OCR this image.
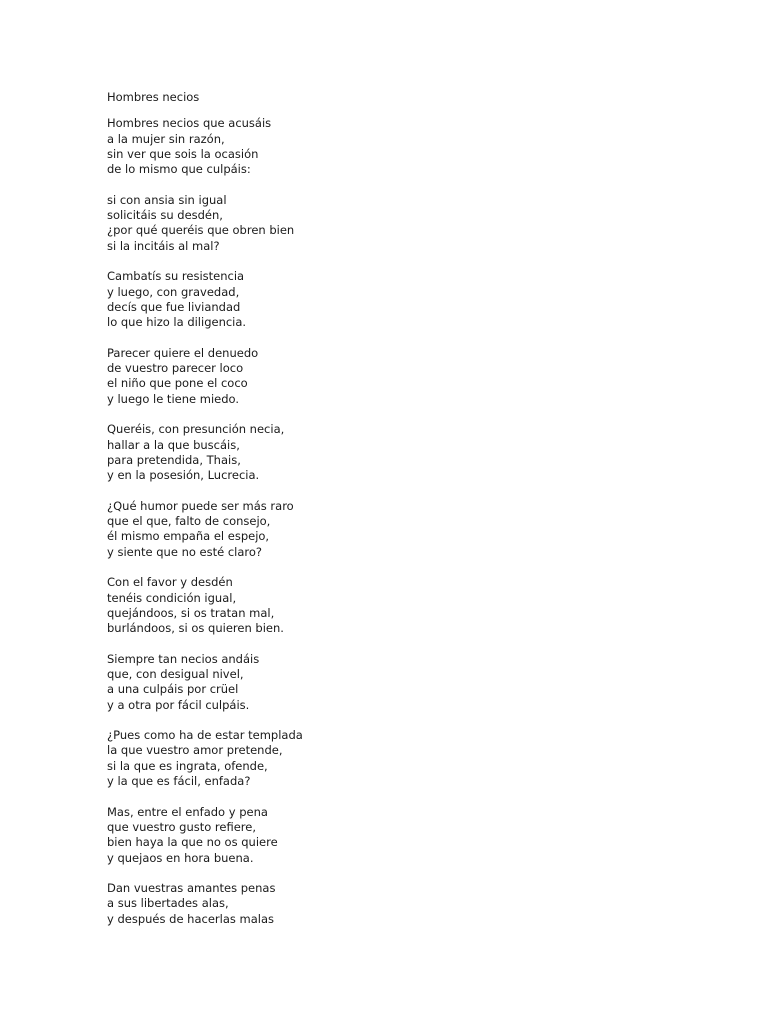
Hombres necios
Hombres necios que acusáis
a la mujer sin razón,
sin ver que sois la ocasión
de lo mismo que culpáis:
si con ansia sin igual
solicitáis su desdén,
¿por qué queréis que obren bien
si la incitáis al mal?
Cambatís su resistencia
y luego, con gravedad,
decís que fue liviandad
lo que hizo la diligencia.
Parecer quiere el denuedo
de vuestro parecer loco
el niño que pone el coco
y luego le tiene miedo.
Queréis, con presunción necia,
hallar a la que buscáis,
para pretendida, Thais,
y en la posesión, Lucrecia.
¿Qué humor puede ser más raro
que el que, falto de consejo,
él mismo empaña el espejo,
y siente que no esté claro?
Con el favor y desdén
tenéis condición igual,
quejándoos, si os tratan mal,
burlándoos, si os quieren bien.
Siempre tan necios andáis
que, con desigual nivel,
a una culpáis por crüel
y a otra por fácil culpáis.
¿Pues como ha de estar templada
la que vuestro amor pretende,
si la que es ingrata, ofende,
y la que es fácil, enfada?
Mas, entre el enfado y pena
que vuestro gusto refiere,
bien haya la que no os quiere
y quejaos en hora buena.
Dan vuestras amantes penas
a sus libertades alas,
y después de hacerlas malas
